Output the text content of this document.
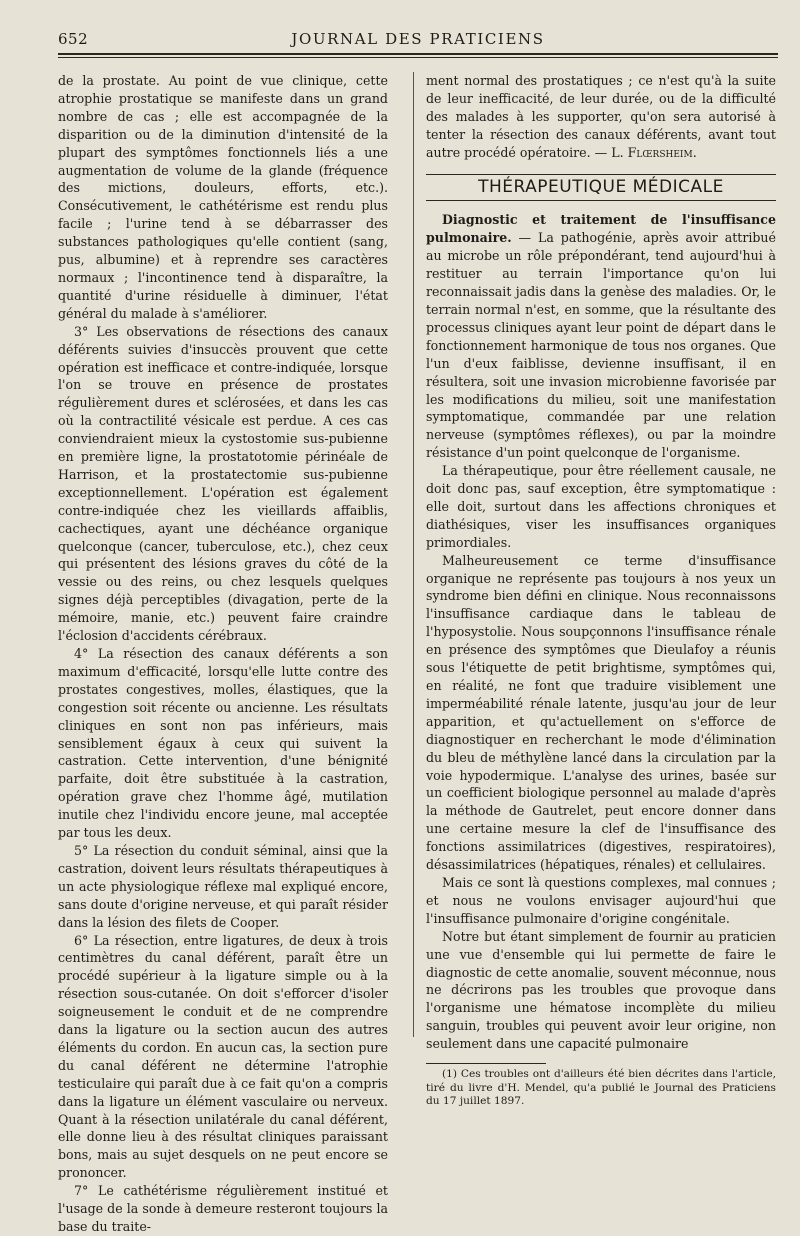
652	JOURNAL DES PRATICIENS

de la prostate. Au point de vue clinique, cette atrophie prostatique se manifeste dans un grand nombre de cas ; elle est accompagnée de la disparition ou de la diminution d'intensité de la plupart des symptômes fonctionnels liés a une augmentation de volume de la glande (fréquence des mictions, douleurs, efforts, etc.). Consécutivement, le cathétérisme est rendu plus facile ; l'urine tend à se débarrasser des substances pathologiques qu'elle contient (sang, pus, albumine) et à reprendre ses caractères normaux ; l'incontinence tend à disparaître, la quantité d'urine résiduelle à diminuer, l'état général du malade à s'améliorer.

3° Les observations de résections des canaux déférents suivies d'insuccès prouvent que cette opération est inefficace et contre-indiquée, lorsque l'on se trouve en présence de prostates régulièrement dures et sclérosées, et dans les cas où la contractilité vésicale est perdue. A ces cas conviendraient mieux la cystostomie sus-pubienne en première ligne, la prostatotomie périnéale de Harrison, et la prostatectomie sus-pubienne exceptionnellement. L'opération est également contre-indiquée chez les vieillards affaiblis, cachectiques, ayant une déchéance organique quelconque (cancer, tuberculose, etc.), chez ceux qui présentent des lésions graves du côté de la vessie ou des reins, ou chez lesquels quelques signes déjà perceptibles (divagation, perte de la mémoire, manie, etc.) peuvent faire craindre l'éclosion d'accidents cérébraux.

4° La résection des canaux déférents a son maximum d'efficacité, lorsqu'elle lutte contre des prostates congestives, molles, élastiques, que la congestion soit récente ou ancienne. Les résultats cliniques en sont non pas inférieurs, mais sensiblement égaux à ceux qui suivent la castration. Cette intervention, d'une bénignité parfaite, doit être substituée à la castration, opération grave chez l'homme âgé, mutilation inutile chez l'individu encore jeune, mal acceptée par tous les deux.

5° La résection du conduit séminal, ainsi que la castration, doivent leurs résultats thérapeutiques à un acte physiologique réflexe mal expliqué encore, sans doute d'origine nerveuse, et qui paraît résider dans la lésion des filets de Cooper.

6° La résection, entre ligatures, de deux à trois centimètres du canal déférent, paraît être un procédé supérieur à la ligature simple ou à la résection sous-cutanée. On doit s'efforcer d'isoler soigneusement le conduit et de ne comprendre dans la ligature ou la section aucun des autres éléments du cordon. En aucun cas, la section pure du canal déférent ne détermine l'atrophie testiculaire qui paraît due à ce fait qu'on a compris dans la ligature un élément vasculaire ou nerveux. Quant à la résection unilatérale du canal déférent, elle donne lieu à des résultat cliniques paraissant bons, mais au sujet desquels on ne peut encore se prononcer.

7° Le cathétérisme régulièrement institué et l'usage de la sonde à demeure resteront toujours la base du traite-

ment normal des prostatiques ; ce n'est qu'à la suite de leur inefficacité, de leur durée, ou de la difficulté des malades à les supporter, qu'on sera autorisé à tenter la résection des canaux déférents, avant tout autre procédé opératoire. — L. Flœrsheim.

THÉRAPEUTIQUE MÉDICALE

Diagnostic et traitement de l'insuffisance pulmonaire. — La pathogénie, après avoir attribué au microbe un rôle prépondérant, tend aujourd'hui à restituer au terrain l'importance qu'on lui reconnaissait jadis dans la genèse des maladies. Or, le terrain normal n'est, en somme, que la résultante des processus cliniques ayant leur point de départ dans le fonctionnement harmonique de tous nos organes. Que l'un d'eux faiblisse, devienne insuffisant, il en résultera, soit une invasion microbienne favorisée par les modifications du milieu, soit une manifestation symptomatique, commandée par une relation nerveuse (symptômes réflexes), ou par la moindre résistance d'un point quelconque de l'organisme.

La thérapeutique, pour être réellement causale, ne doit donc pas, sauf exception, être symptomatique : elle doit, surtout dans les affections chroniques et diathésiques, viser les insuffisances organiques primordiales.

Malheureusement ce terme d'insuffisance organique ne représente pas toujours à nos yeux un syndrome bien défini en clinique. Nous reconnaissons l'insuffisance cardiaque dans le tableau de l'hyposystolie. Nous soupçonnons l'insuffisance rénale en présence des symptômes que Dieulafoy a réunis sous l'étiquette de petit brightisme, symptômes qui, en réalité, ne font que traduire visiblement une imperméabilité rénale latente, jusqu'au jour de leur apparition, et qu'actuellement on s'efforce de diagnostiquer en recherchant le mode d'élimination du bleu de méthylène lancé dans la circulation par la voie hypodermique. L'analyse des urines, basée sur un coefficient biologique personnel au malade d'après la méthode de Gautrelet, peut encore donner dans une certaine mesure la clef de l'insuffisance des fonctions assimilatrices (digestives, respiratoires), désassimilatrices (hépatiques, rénales) et cellulaires.

Mais ce sont là questions complexes, mal connues ; et nous ne voulons envisager aujourd'hui que l'insuffisance pulmonaire d'origine congénitale.

Notre but étant simplement de fournir au praticien une vue d'ensemble qui lui permette de faire le diagnostic de cette anomalie, souvent méconnue, nous ne décrirons pas les troubles que provoque dans l'organisme une hématose incomplète du milieu sanguin, troubles qui peuvent avoir leur origine, non seulement dans une capacité pulmonaire

(1) Ces troubles ont d'ailleurs été bien décrites dans l'article, tiré du livre d'H. Mendel, qu'a publié le Journal des Praticiens du 17 juillet 1897.
